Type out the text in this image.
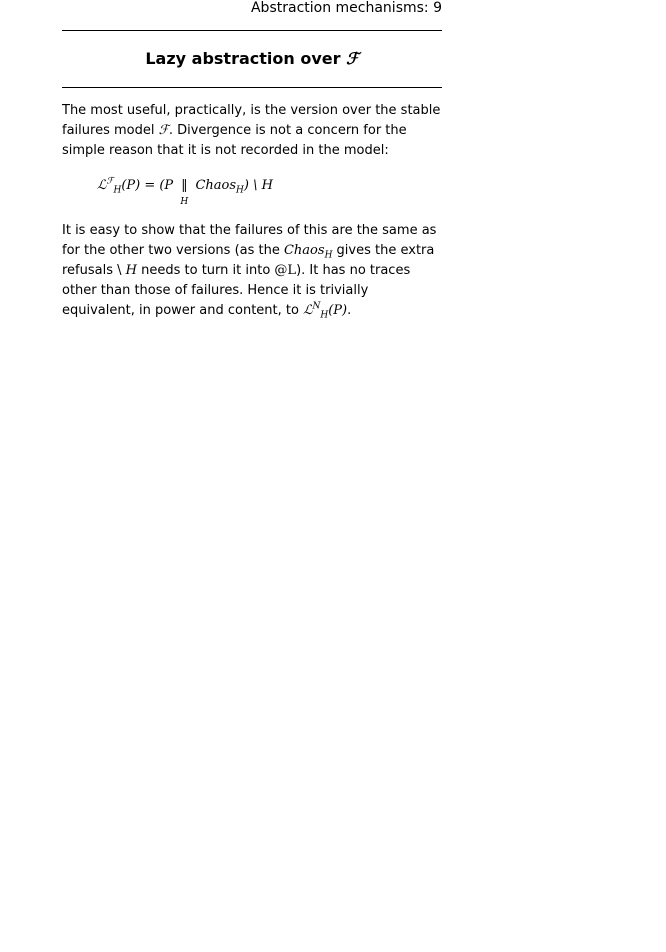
Abstraction mechanisms: 9
Lazy abstraction over ℱ

The most useful, practically, is the version over the stable failures model ℱ. Divergence is not a concern for the simple reason that it is not recorded in the model:

ℒ$^ℱ_H$(P) = (P ‖
H
Chaos$_H$) \ H

It is easy to show that the failures of this are the same as for the other two versions (as the Chaos$_H$ gives the extra refusals \ H needs to turn it into @L). It has no traces other than those of failures. Hence it is trivially equivalent, in power and content, to ℒ$^N_H$(P).
